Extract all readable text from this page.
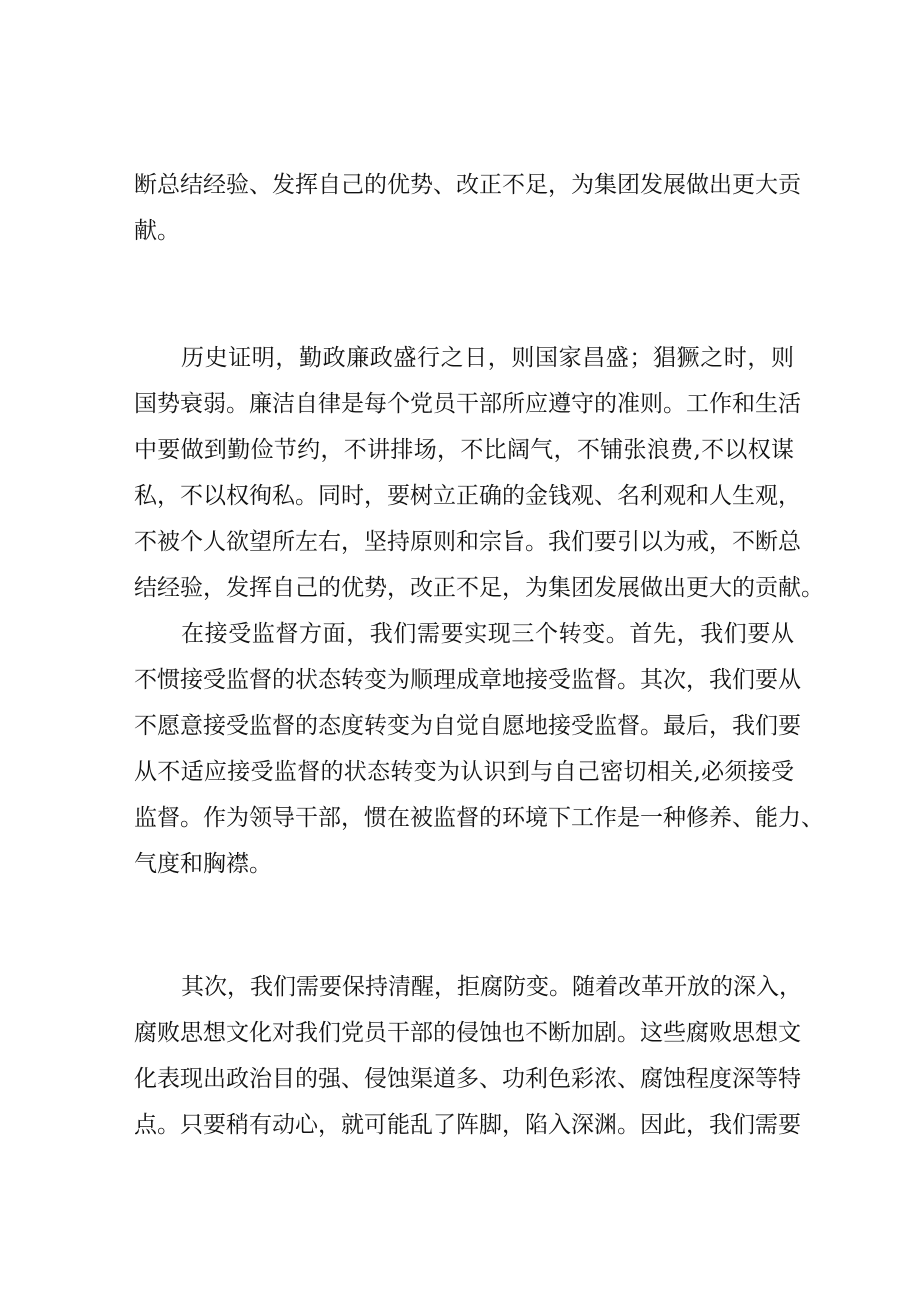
断总结经验、发挥自己的优势、改正不足，为集团发展做出更大贡
献。
历史证明，勤政廉政盛行之日，则国家昌盛；猖獗之时，则
国势衰弱。廉洁自律是每个党员干部所应遵守的准则。工作和生活
中要做到勤俭节约，不讲排场，不比阔气，不铺张浪费,不以权谋
私，不以权徇私。同时，要树立正确的金钱观、名利观和人生观，
不被个人欲望所左右，坚持原则和宗旨。我们要引以为戒，不断总
结经验，发挥自己的优势，改正不足，为集团发展做出更大的贡献。
在接受监督方面，我们需要实现三个转变。首先，我们要从
不惯接受监督的状态转变为顺理成章地接受监督。其次，我们要从
不愿意接受监督的态度转变为自觉自愿地接受监督。最后，我们要
从不适应接受监督的状态转变为认识到与自己密切相关,必须接受
监督。作为领导干部，惯在被监督的环境下工作是一种修养、能力、
气度和胸襟。
其次，我们需要保持清醒，拒腐防变。随着改革开放的深入，
腐败思想文化对我们党员干部的侵蚀也不断加剧。这些腐败思想文
化表现出政治目的强、侵蚀渠道多、功利色彩浓、腐蚀程度深等特
点。只要稍有动心，就可能乱了阵脚，陷入深渊。因此，我们需要
